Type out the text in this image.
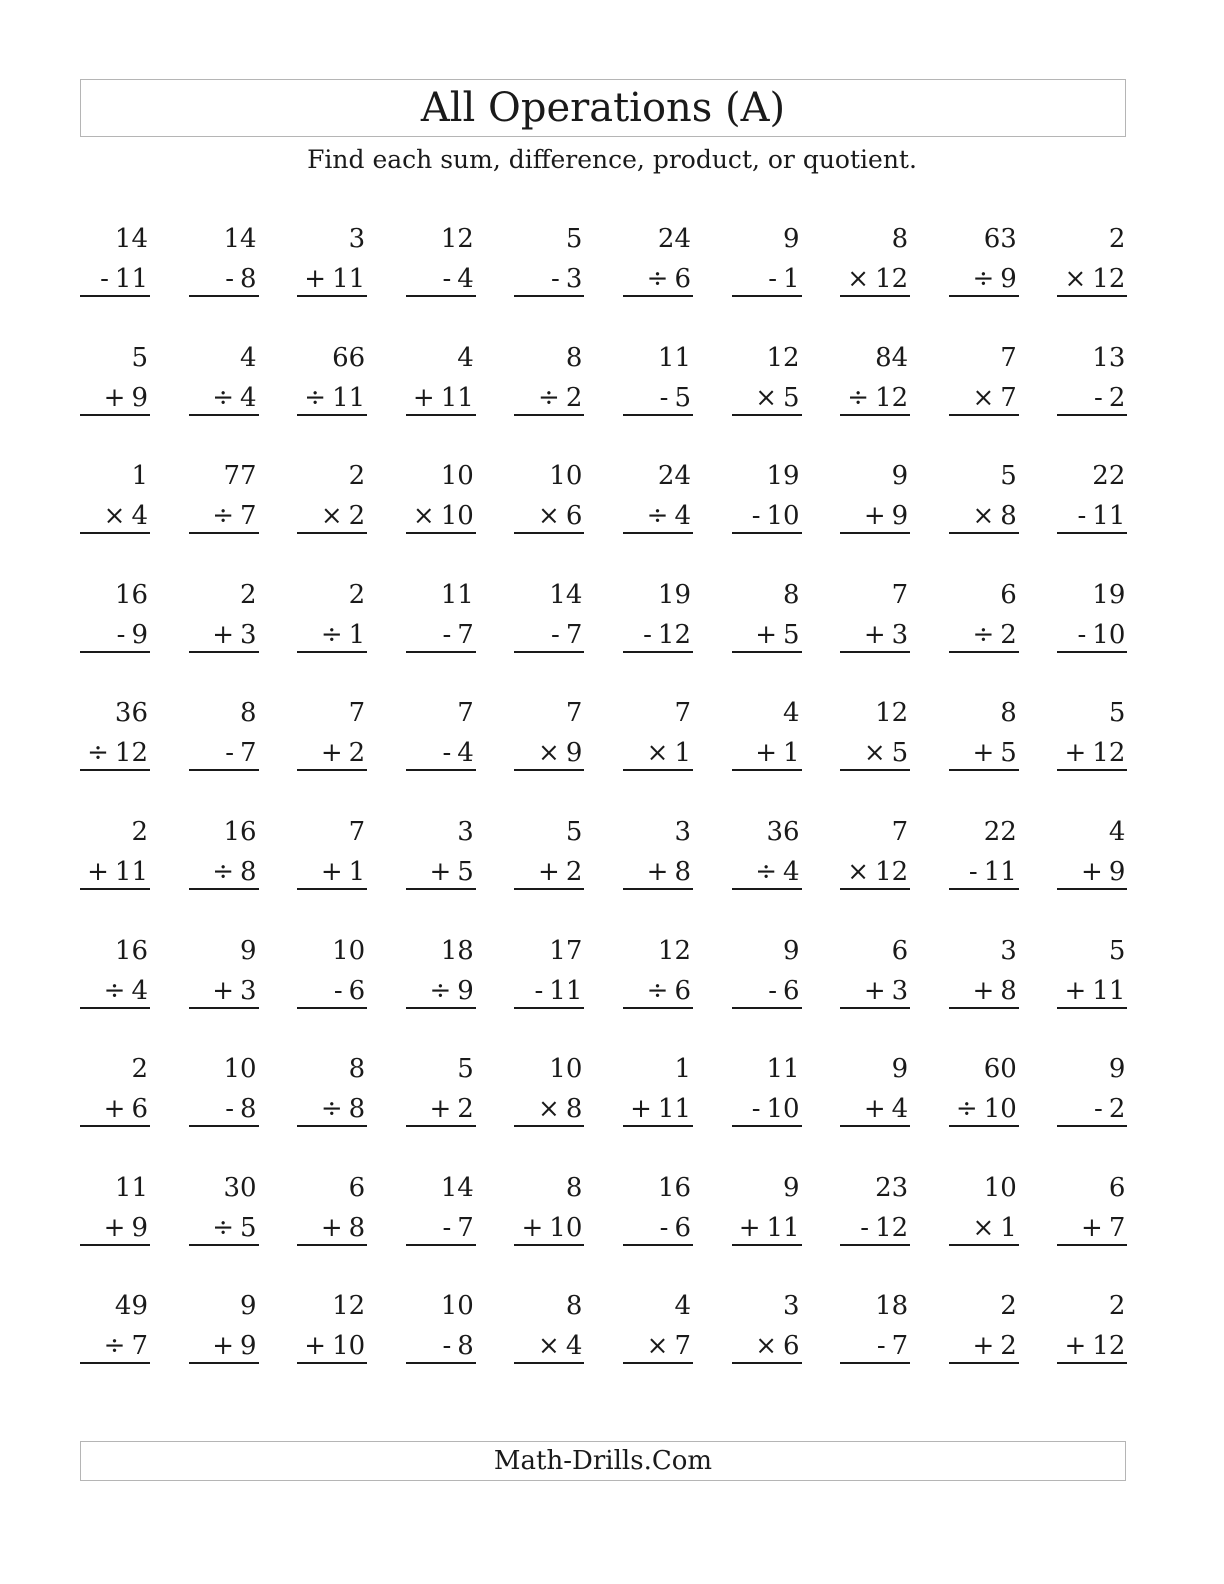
All Operations (A)
Find each sum, difference, product, or quotient.
14
- 11
14
- 8
3
+ 11
12
- 4
5
- 3
24
÷ 6
9
- 1
8
× 12
63
÷ 9
2
× 12
5
+ 9
4
÷ 4
66
÷ 11
4
+ 11
8
÷ 2
11
- 5
12
× 5
84
÷ 12
7
× 7
13
- 2
1
× 4
77
÷ 7
2
× 2
10
× 10
10
× 6
24
÷ 4
19
- 10
9
+ 9
5
× 8
22
- 11
16
- 9
2
+ 3
2
÷ 1
11
- 7
14
- 7
19
- 12
8
+ 5
7
+ 3
6
÷ 2
19
- 10
36
÷ 12
8
- 7
7
+ 2
7
- 4
7
× 9
7
× 1
4
+ 1
12
× 5
8
+ 5
5
+ 12
2
+ 11
16
÷ 8
7
+ 1
3
+ 5
5
+ 2
3
+ 8
36
÷ 4
7
× 12
22
- 11
4
+ 9
16
÷ 4
9
+ 3
10
- 6
18
÷ 9
17
- 11
12
÷ 6
9
- 6
6
+ 3
3
+ 8
5
+ 11
2
+ 6
10
- 8
8
÷ 8
5
+ 2
10
× 8
1
+ 11
11
- 10
9
+ 4
60
÷ 10
9
- 2
11
+ 9
30
÷ 5
6
+ 8
14
- 7
8
+ 10
16
- 6
9
+ 11
23
- 12
10
× 1
6
+ 7
49
÷ 7
9
+ 9
12
+ 10
10
- 8
8
× 4
4
× 7
3
× 6
18
- 7
2
+ 2
2
+ 12
Math-Drills.Com
